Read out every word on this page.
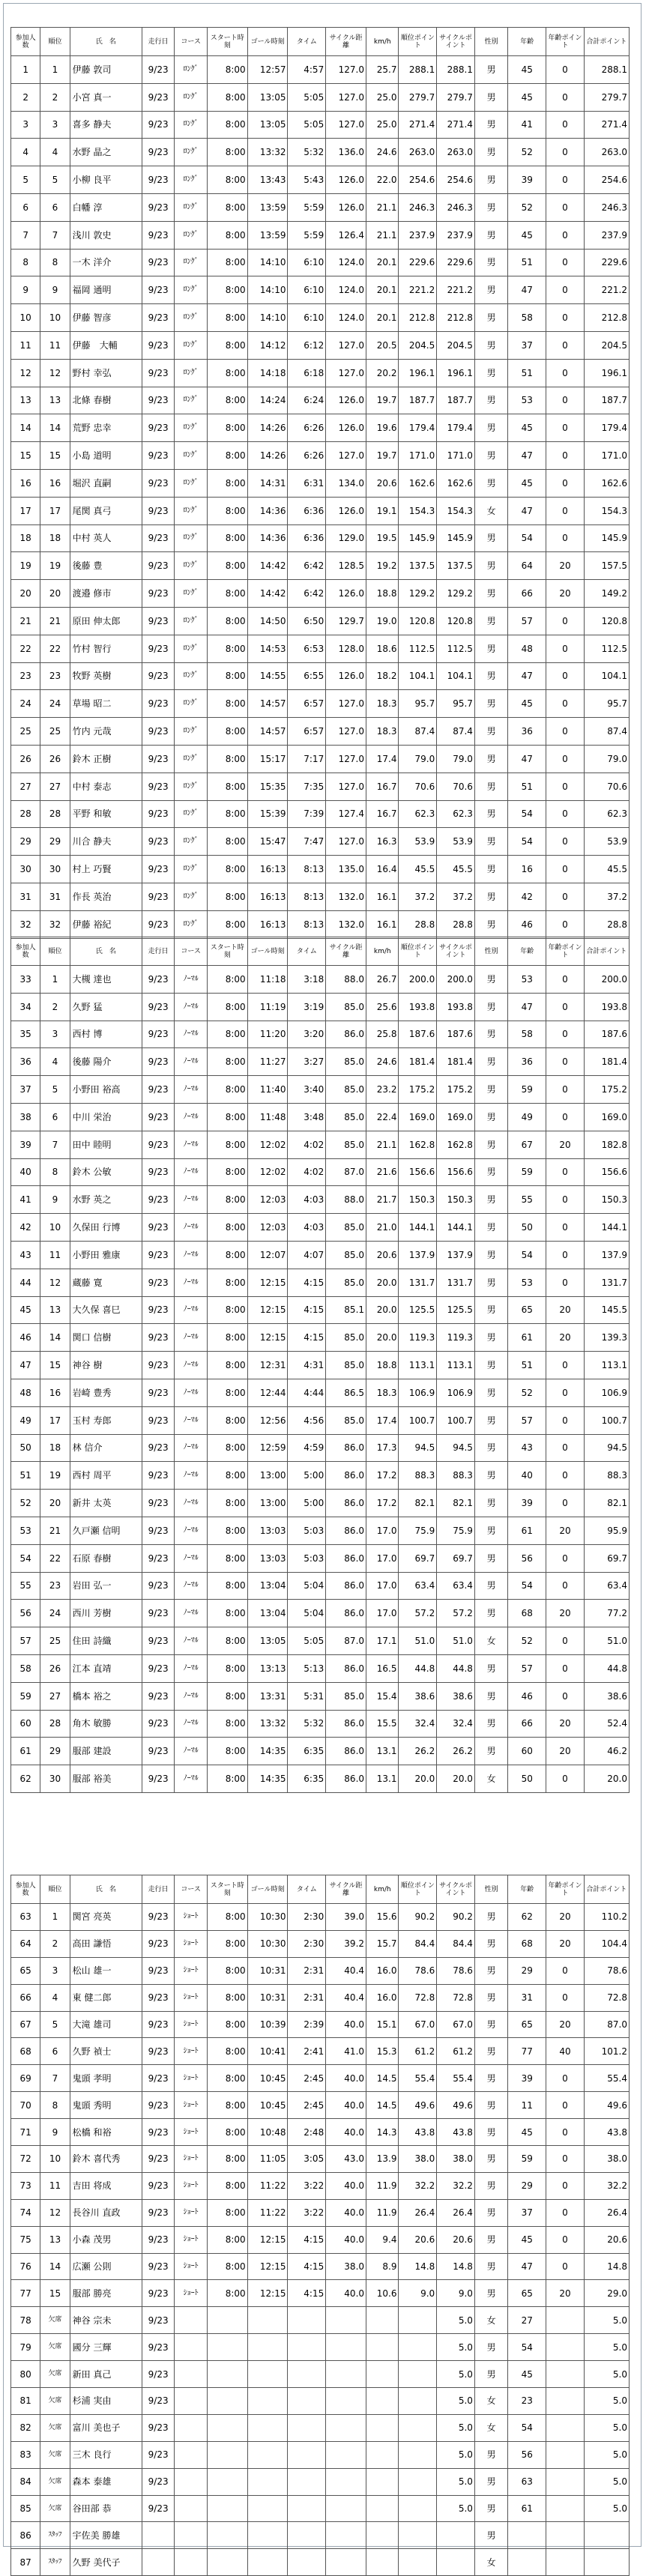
参加人数	順位	氏　名	走行日	コース	スタート時刻	ゴール時刻	タイム	サイクル距離	km/h	順位ポイント	サイクルポイント	性別	年齢	年齢ポイント	合計ポイント
1	1	伊藤 敦司	9/23	ﾛﾝｸﾞ	8:00	12:57	4:57	127.0	25.7	288.1	288.1	男	45	0	288.1
2	2	小宮 真一	9/23	ﾛﾝｸﾞ	8:00	13:05	5:05	127.0	25.0	279.7	279.7	男	45	0	279.7
3	3	喜多 静夫	9/23	ﾛﾝｸﾞ	8:00	13:05	5:05	127.0	25.0	271.4	271.4	男	41	0	271.4
4	4	水野 晶之	9/23	ﾛﾝｸﾞ	8:00	13:32	5:32	136.0	24.6	263.0	263.0	男	52	0	263.0
5	5	小柳 良平	9/23	ﾛﾝｸﾞ	8:00	13:43	5:43	126.0	22.0	254.6	254.6	男	39	0	254.6
6	6	白幡 淳	9/23	ﾛﾝｸﾞ	8:00	13:59	5:59	126.0	21.1	246.3	246.3	男	52	0	246.3
7	7	浅川 敦史	9/23	ﾛﾝｸﾞ	8:00	13:59	5:59	126.4	21.1	237.9	237.9	男	45	0	237.9
8	8	一木 洋介	9/23	ﾛﾝｸﾞ	8:00	14:10	6:10	124.0	20.1	229.6	229.6	男	51	0	229.6
9	9	福岡 通明	9/23	ﾛﾝｸﾞ	8:00	14:10	6:10	124.0	20.1	221.2	221.2	男	47	0	221.2
10	10	伊藤 智彦	9/23	ﾛﾝｸﾞ	8:00	14:10	6:10	124.0	20.1	212.8	212.8	男	58	0	212.8
11	11	伊藤　大輔	9/23	ﾛﾝｸﾞ	8:00	14:12	6:12	127.0	20.5	204.5	204.5	男	37	0	204.5
12	12	野村 幸弘	9/23	ﾛﾝｸﾞ	8:00	14:18	6:18	127.0	20.2	196.1	196.1	男	51	0	196.1
13	13	北條 春樹	9/23	ﾛﾝｸﾞ	8:00	14:24	6:24	126.0	19.7	187.7	187.7	男	53	0	187.7
14	14	荒野 忠幸	9/23	ﾛﾝｸﾞ	8:00	14:26	6:26	126.0	19.6	179.4	179.4	男	45	0	179.4
15	15	小島 道明	9/23	ﾛﾝｸﾞ	8:00	14:26	6:26	127.0	19.7	171.0	171.0	男	47	0	171.0
16	16	堀沢 直嗣	9/23	ﾛﾝｸﾞ	8:00	14:31	6:31	134.0	20.6	162.6	162.6	男	45	0	162.6
17	17	尾関 真弓	9/23	ﾛﾝｸﾞ	8:00	14:36	6:36	126.0	19.1	154.3	154.3	女	47	0	154.3
18	18	中村 英人	9/23	ﾛﾝｸﾞ	8:00	14:36	6:36	129.0	19.5	145.9	145.9	男	54	0	145.9
19	19	後藤 豊	9/23	ﾛﾝｸﾞ	8:00	14:42	6:42	128.5	19.2	137.5	137.5	男	64	20	157.5
20	20	渡邉 修市	9/23	ﾛﾝｸﾞ	8:00	14:42	6:42	126.0	18.8	129.2	129.2	男	66	20	149.2
21	21	原田 伸太郎	9/23	ﾛﾝｸﾞ	8:00	14:50	6:50	129.7	19.0	120.8	120.8	男	57	0	120.8
22	22	竹村 智行	9/23	ﾛﾝｸﾞ	8:00	14:53	6:53	128.0	18.6	112.5	112.5	男	48	0	112.5
23	23	牧野 英樹	9/23	ﾛﾝｸﾞ	8:00	14:55	6:55	126.0	18.2	104.1	104.1	男	47	0	104.1
24	24	草場 昭二	9/23	ﾛﾝｸﾞ	8:00	14:57	6:57	127.0	18.3	95.7	95.7	男	45	0	95.7
25	25	竹内 元哉	9/23	ﾛﾝｸﾞ	8:00	14:57	6:57	127.0	18.3	87.4	87.4	男	36	0	87.4
26	26	鈴木 正樹	9/23	ﾛﾝｸﾞ	8:00	15:17	7:17	127.0	17.4	79.0	79.0	男	47	0	79.0
27	27	中村 泰志	9/23	ﾛﾝｸﾞ	8:00	15:35	7:35	127.0	16.7	70.6	70.6	男	51	0	70.6
28	28	平野 和敏	9/23	ﾛﾝｸﾞ	8:00	15:39	7:39	127.4	16.7	62.3	62.3	男	54	0	62.3
29	29	川合 静夫	9/23	ﾛﾝｸﾞ	8:00	15:47	7:47	127.0	16.3	53.9	53.9	男	54	0	53.9
30	30	村上 巧賢	9/23	ﾛﾝｸﾞ	8:00	16:13	8:13	135.0	16.4	45.5	45.5	男	16	0	45.5
31	31	作長 英治	9/23	ﾛﾝｸﾞ	8:00	16:13	8:13	132.0	16.1	37.2	37.2	男	42	0	37.2
32	32	伊藤 裕紀	9/23	ﾛﾝｸﾞ	8:00	16:13	8:13	132.0	16.1	28.8	28.8	男	46	0	28.8
参加人数	順位	氏　名	走行日	コース	スタート時刻	ゴール時刻	タイム	サイクル距離	km/h	順位ポイント	サイクルポイント	性別	年齢	年齢ポイント	合計ポイント
33	1	大槻 達也	9/23	ﾉｰﾏﾙ	8:00	11:18	3:18	88.0	26.7	200.0	200.0	男	53	0	200.0
34	2	久野 猛	9/23	ﾉｰﾏﾙ	8:00	11:19	3:19	85.0	25.6	193.8	193.8	男	47	0	193.8
35	3	西村 博	9/23	ﾉｰﾏﾙ	8:00	11:20	3:20	86.0	25.8	187.6	187.6	男	58	0	187.6
36	4	後藤 陽介	9/23	ﾉｰﾏﾙ	8:00	11:27	3:27	85.0	24.6	181.4	181.4	男	36	0	181.4
37	5	小野田 裕高	9/23	ﾉｰﾏﾙ	8:00	11:40	3:40	85.0	23.2	175.2	175.2	男	59	0	175.2
38	6	中川 栄治	9/23	ﾉｰﾏﾙ	8:00	11:48	3:48	85.0	22.4	169.0	169.0	男	49	0	169.0
39	7	田中 睦明	9/23	ﾉｰﾏﾙ	8:00	12:02	4:02	85.0	21.1	162.8	162.8	男	67	20	182.8
40	8	鈴木 公敏	9/23	ﾉｰﾏﾙ	8:00	12:02	4:02	87.0	21.6	156.6	156.6	男	59	0	156.6
41	9	水野 英之	9/23	ﾉｰﾏﾙ	8:00	12:03	4:03	88.0	21.7	150.3	150.3	男	55	0	150.3
42	10	久保田 行博	9/23	ﾉｰﾏﾙ	8:00	12:03	4:03	85.0	21.0	144.1	144.1	男	50	0	144.1
43	11	小野田 雅康	9/23	ﾉｰﾏﾙ	8:00	12:07	4:07	85.0	20.6	137.9	137.9	男	54	0	137.9
44	12	蔵藤 寛	9/23	ﾉｰﾏﾙ	8:00	12:15	4:15	85.0	20.0	131.7	131.7	男	53	0	131.7
45	13	大久保 喜巳	9/23	ﾉｰﾏﾙ	8:00	12:15	4:15	85.1	20.0	125.5	125.5	男	65	20	145.5
46	14	関口 信樹	9/23	ﾉｰﾏﾙ	8:00	12:15	4:15	85.0	20.0	119.3	119.3	男	61	20	139.3
47	15	神谷 樹	9/23	ﾉｰﾏﾙ	8:00	12:31	4:31	85.0	18.8	113.1	113.1	男	51	0	113.1
48	16	岩崎 豊秀	9/23	ﾉｰﾏﾙ	8:00	12:44	4:44	86.5	18.3	106.9	106.9	男	52	0	106.9
49	17	玉村 寿郎	9/23	ﾉｰﾏﾙ	8:00	12:56	4:56	85.0	17.4	100.7	100.7	男	57	0	100.7
50	18	林 信介	9/23	ﾉｰﾏﾙ	8:00	12:59	4:59	86.0	17.3	94.5	94.5	男	43	0	94.5
51	19	西村 周平	9/23	ﾉｰﾏﾙ	8:00	13:00	5:00	86.0	17.2	88.3	88.3	男	40	0	88.3
52	20	新井 太英	9/23	ﾉｰﾏﾙ	8:00	13:00	5:00	86.0	17.2	82.1	82.1	男	39	0	82.1
53	21	久戸瀬 信明	9/23	ﾉｰﾏﾙ	8:00	13:03	5:03	86.0	17.0	75.9	75.9	男	61	20	95.9
54	22	石原 春樹	9/23	ﾉｰﾏﾙ	8:00	13:03	5:03	86.0	17.0	69.7	69.7	男	56	0	69.7
55	23	岩田 弘一	9/23	ﾉｰﾏﾙ	8:00	13:04	5:04	86.0	17.0	63.4	63.4	男	54	0	63.4
56	24	西川 芳樹	9/23	ﾉｰﾏﾙ	8:00	13:04	5:04	86.0	17.0	57.2	57.2	男	68	20	77.2
57	25	住田 詩織	9/23	ﾉｰﾏﾙ	8:00	13:05	5:05	87.0	17.1	51.0	51.0	女	52	0	51.0
58	26	江本 直靖	9/23	ﾉｰﾏﾙ	8:00	13:13	5:13	86.0	16.5	44.8	44.8	男	57	0	44.8
59	27	橋本 裕之	9/23	ﾉｰﾏﾙ	8:00	13:31	5:31	85.0	15.4	38.6	38.6	男	46	0	38.6
60	28	角木 敏勝	9/23	ﾉｰﾏﾙ	8:00	13:32	5:32	86.0	15.5	32.4	32.4	男	66	20	52.4
61	29	服部 建設	9/23	ﾉｰﾏﾙ	8:00	14:35	6:35	86.0	13.1	26.2	26.2	男	60	20	46.2
62	30	服部 裕美	9/23	ﾉｰﾏﾙ	8:00	14:35	6:35	86.0	13.1	20.0	20.0	女	50	0	20.0
参加人数	順位	氏　名	走行日	コース	スタート時刻	ゴール時刻	タイム	サイクル距離	km/h	順位ポイント	サイクルポイント	性別	年齢	年齢ポイント	合計ポイント
63	1	関宮 亮英	9/23	ｼｮｰﾄ	8:00	10:30	2:30	39.0	15.6	90.2	90.2	男	62	20	110.2
64	2	高田 謙悟	9/23	ｼｮｰﾄ	8:00	10:30	2:30	39.2	15.7	84.4	84.4	男	68	20	104.4
65	3	松山 雄一	9/23	ｼｮｰﾄ	8:00	10:31	2:31	40.4	16.0	78.6	78.6	男	29	0	78.6
66	4	東 健二郎	9/23	ｼｮｰﾄ	8:00	10:31	2:31	40.4	16.0	72.8	72.8	男	31	0	72.8
67	5	大滝 雄司	9/23	ｼｮｰﾄ	8:00	10:39	2:39	40.0	15.1	67.0	67.0	男	65	20	87.0
68	6	久野 禎士	9/23	ｼｮｰﾄ	8:00	10:41	2:41	41.0	15.3	61.2	61.2	男	77	40	101.2
69	7	鬼頭 孝明	9/23	ｼｮｰﾄ	8:00	10:45	2:45	40.0	14.5	55.4	55.4	男	39	0	55.4
70	8	鬼頭 秀明	9/23	ｼｮｰﾄ	8:00	10:45	2:45	40.0	14.5	49.6	49.6	男	11	0	49.6
71	9	松橋 和裕	9/23	ｼｮｰﾄ	8:00	10:48	2:48	40.0	14.3	43.8	43.8	男	45	0	43.8
72	10	鈴木 喜代秀	9/23	ｼｮｰﾄ	8:00	11:05	3:05	43.0	13.9	38.0	38.0	男	59	0	38.0
73	11	吉田 将成	9/23	ｼｮｰﾄ	8:00	11:22	3:22	40.0	11.9	32.2	32.2	男	29	0	32.2
74	12	長谷川 直政	9/23	ｼｮｰﾄ	8:00	11:22	3:22	40.0	11.9	26.4	26.4	男	37	0	26.4
75	13	小森 茂男	9/23	ｼｮｰﾄ	8:00	12:15	4:15	40.0	9.4	20.6	20.6	男	45	0	20.6
76	14	広瀬 公則	9/23	ｼｮｰﾄ	8:00	12:15	4:15	38.0	8.9	14.8	14.8	男	47	0	14.8
77	15	服部 勝亮	9/23	ｼｮｰﾄ	8:00	12:15	4:15	40.0	10.6	9.0	9.0	男	65	20	29.0
78	欠席	神谷 宗未	9/23								5.0	女	27		5.0
79	欠席	國分 三輝	9/23								5.0	男	54		5.0
80	欠席	新田 真己	9/23								5.0	男	45		5.0
81	欠席	杉浦 実由	9/23								5.0	女	23		5.0
82	欠席	富川 美也子	9/23								5.0	女	54		5.0
83	欠席	三木 良行	9/23								5.0	男	56		5.0
84	欠席	森本 泰雄	9/23								5.0	男	63		5.0
85	欠席	谷田部 恭	9/23								5.0	男	61		5.0
86	ｽﾀｯﾌ	宇佐美 勝雄										男			
87	ｽﾀｯﾌ	久野 美代子										女			
